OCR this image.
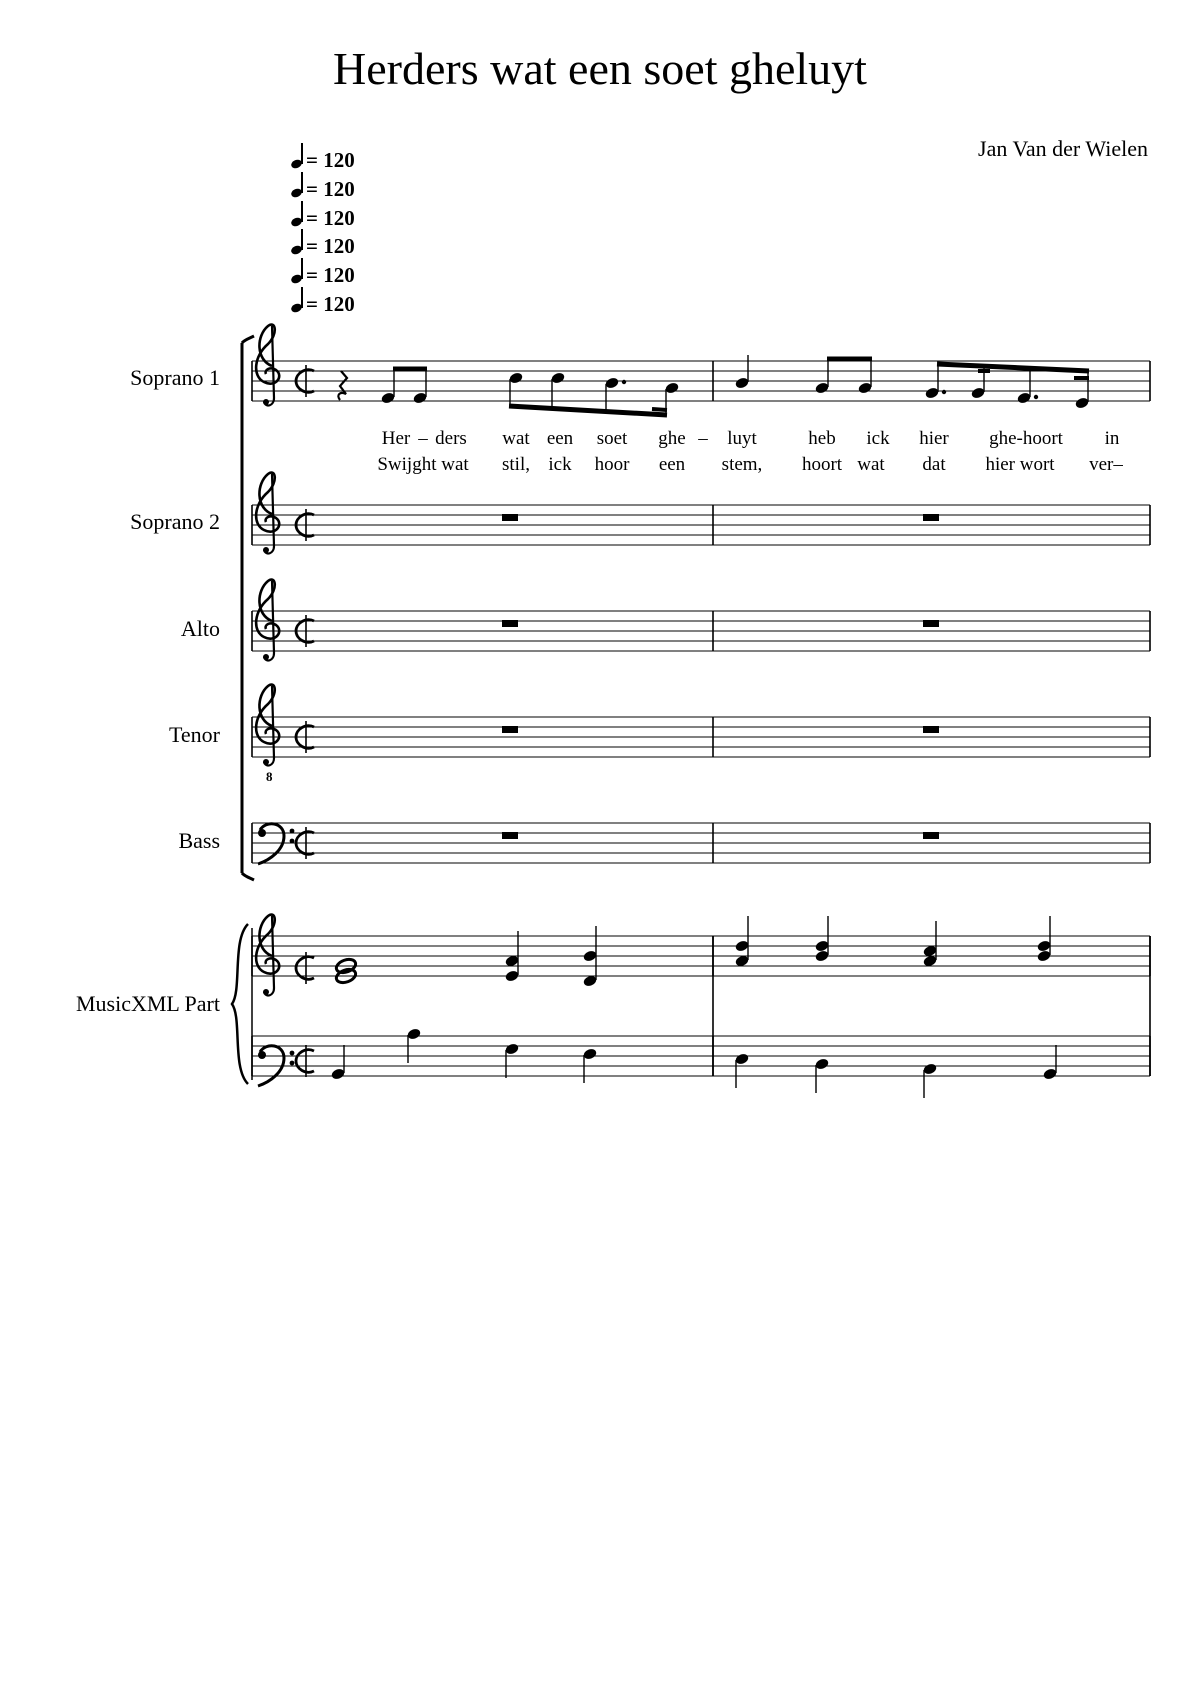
Herders wat een soet gheluyt
Jan Van der Wielen
= 120
= 120
= 120
= 120
= 120
= 120
Soprano 1
Soprano 2
Alto
Tenor
Bass
MusicXML Part
8
Her – ders wat een soet ghe – luyt	heb ick hier ghe-hoort in
Swijght wat stil, ick hoor een stem, hoort wat dat hier wort ver–
